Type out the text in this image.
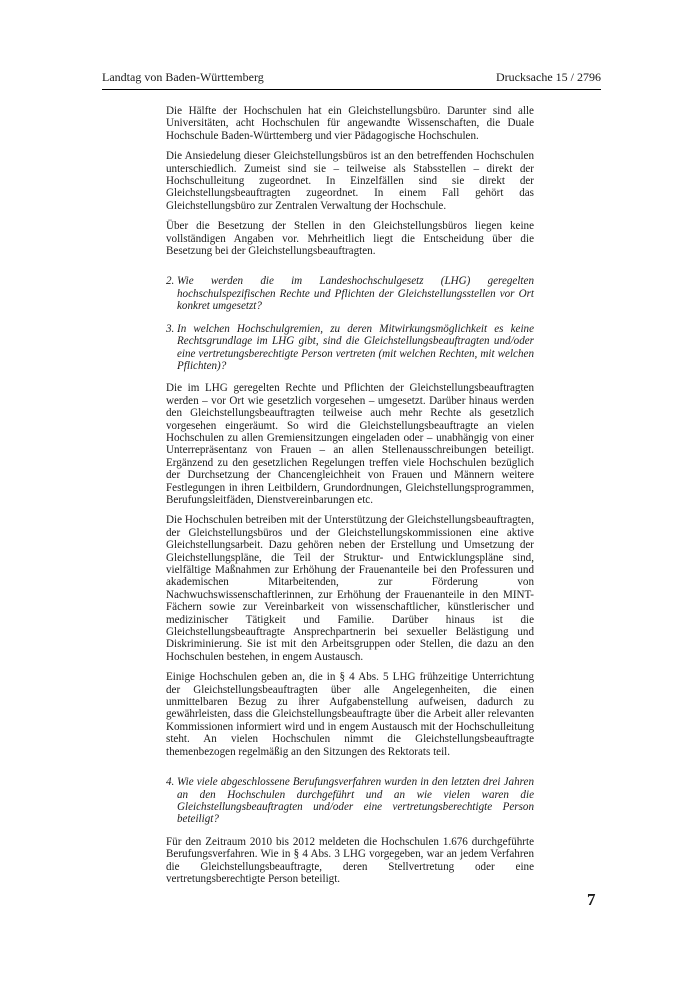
Landtag von Baden-Württemberg	Drucksache 15 / 2796

Die Hälfte der Hochschulen hat ein Gleichstellungsbüro. Darunter sind alle Universitäten, acht Hochschulen für angewandte Wissenschaften, die Duale Hochschule Baden-Württemberg und vier Pädagogische Hochschulen.

Die Ansiedelung dieser Gleichstellungsbüros ist an den betreffenden Hochschulen unterschiedlich. Zumeist sind sie – teilweise als Stabsstellen – direkt der Hochschulleitung zugeordnet. In Einzelfällen sind sie direkt der Gleichstellungsbeauftragten zugeordnet. In einem Fall gehört das Gleichstellungsbüro zur Zentralen Verwaltung der Hochschule.

Über die Besetzung der Stellen in den Gleichstellungsbüros liegen keine vollständigen Angaben vor. Mehrheitlich liegt die Entscheidung über die Besetzung bei der Gleichstellungsbeauftragten.

2. Wie werden die im Landeshochschulgesetz (LHG) geregelten hochschulspezifischen Rechte und Pflichten der Gleichstellungsstellen vor Ort konkret umgesetzt?
3. In welchen Hochschulgremien, zu deren Mitwirkungsmöglichkeit es keine Rechtsgrundlage im LHG gibt, sind die Gleichstellungsbeauftragten und/oder eine vertretungsberechtigte Person vertreten (mit welchen Rechten, mit welchen Pflichten)?

Die im LHG geregelten Rechte und Pflichten der Gleichstellungsbeauftragten werden – vor Ort wie gesetzlich vorgesehen – umgesetzt. Darüber hinaus werden den Gleichstellungsbeauftragten teilweise auch mehr Rechte als gesetzlich vorgesehen eingeräumt. So wird die Gleichstellungsbeauftragte an vielen Hochschulen zu allen Gremiensitzungen eingeladen oder – unabhängig von einer Unterrepräsentanz von Frauen – an allen Stellenausschreibungen beteiligt. Ergänzend zu den gesetzlichen Regelungen treffen viele Hochschulen bezüglich der Durchsetzung der Chancengleichheit von Frauen und Männern weitere Festlegungen in ihren Leitbildern, Grundordnungen, Gleichstellungsprogrammen, Berufungsleitfäden, Dienstvereinbarungen etc.

Die Hochschulen betreiben mit der Unterstützung der Gleichstellungsbeauftragten, der Gleichstellungsbüros und der Gleichstellungskommissionen eine aktive Gleichstellungsarbeit. Dazu gehören neben der Erstellung und Umsetzung der Gleichstellungspläne, die Teil der Struktur- und Entwicklungspläne sind, vielfältige Maßnahmen zur Erhöhung der Frauenanteile bei den Professuren und akademischen Mitarbeitenden, zur Förderung von Nachwuchswissenschaftlerinnen, zur Erhöhung der Frauenanteile in den MINT-Fächern sowie zur Vereinbarkeit von wissenschaftlicher, künstlerischer und medizinischer Tätigkeit und Familie. Darüber hinaus ist die Gleichstellungsbeauftragte Ansprechpartnerin bei sexueller Belästigung und Diskriminierung. Sie ist mit den Arbeitsgruppen oder Stellen, die dazu an den Hochschulen bestehen, in engem Austausch.

Einige Hochschulen geben an, die in § 4 Abs. 5 LHG frühzeitige Unterrichtung der Gleichstellungsbeauftragten über alle Angelegenheiten, die einen unmittelbaren Bezug zu ihrer Aufgabenstellung aufweisen, dadurch zu gewährleisten, dass die Gleichstellungsbeauftragte über die Arbeit aller relevanten Kommissionen informiert wird und in engem Austausch mit der Hochschulleitung steht. An vielen Hochschulen nimmt die Gleichstellungsbeauftragte themenbezogen regelmäßig an den Sitzungen des Rektorats teil.

4. Wie viele abgeschlossene Berufungsverfahren wurden in den letzten drei Jahren an den Hochschulen durchgeführt und an wie vielen waren die Gleichstellungsbeauftragten und/oder eine vertretungsberechtigte Person beteiligt?

Für den Zeitraum 2010 bis 2012 meldeten die Hochschulen 1.676 durchgeführte Berufungsverfahren. Wie in § 4 Abs. 3 LHG vorgegeben, war an jedem Verfahren die Gleichstellungsbeauftragte, deren Stellvertretung oder eine vertretungsberechtigte Person beteiligt.

7
